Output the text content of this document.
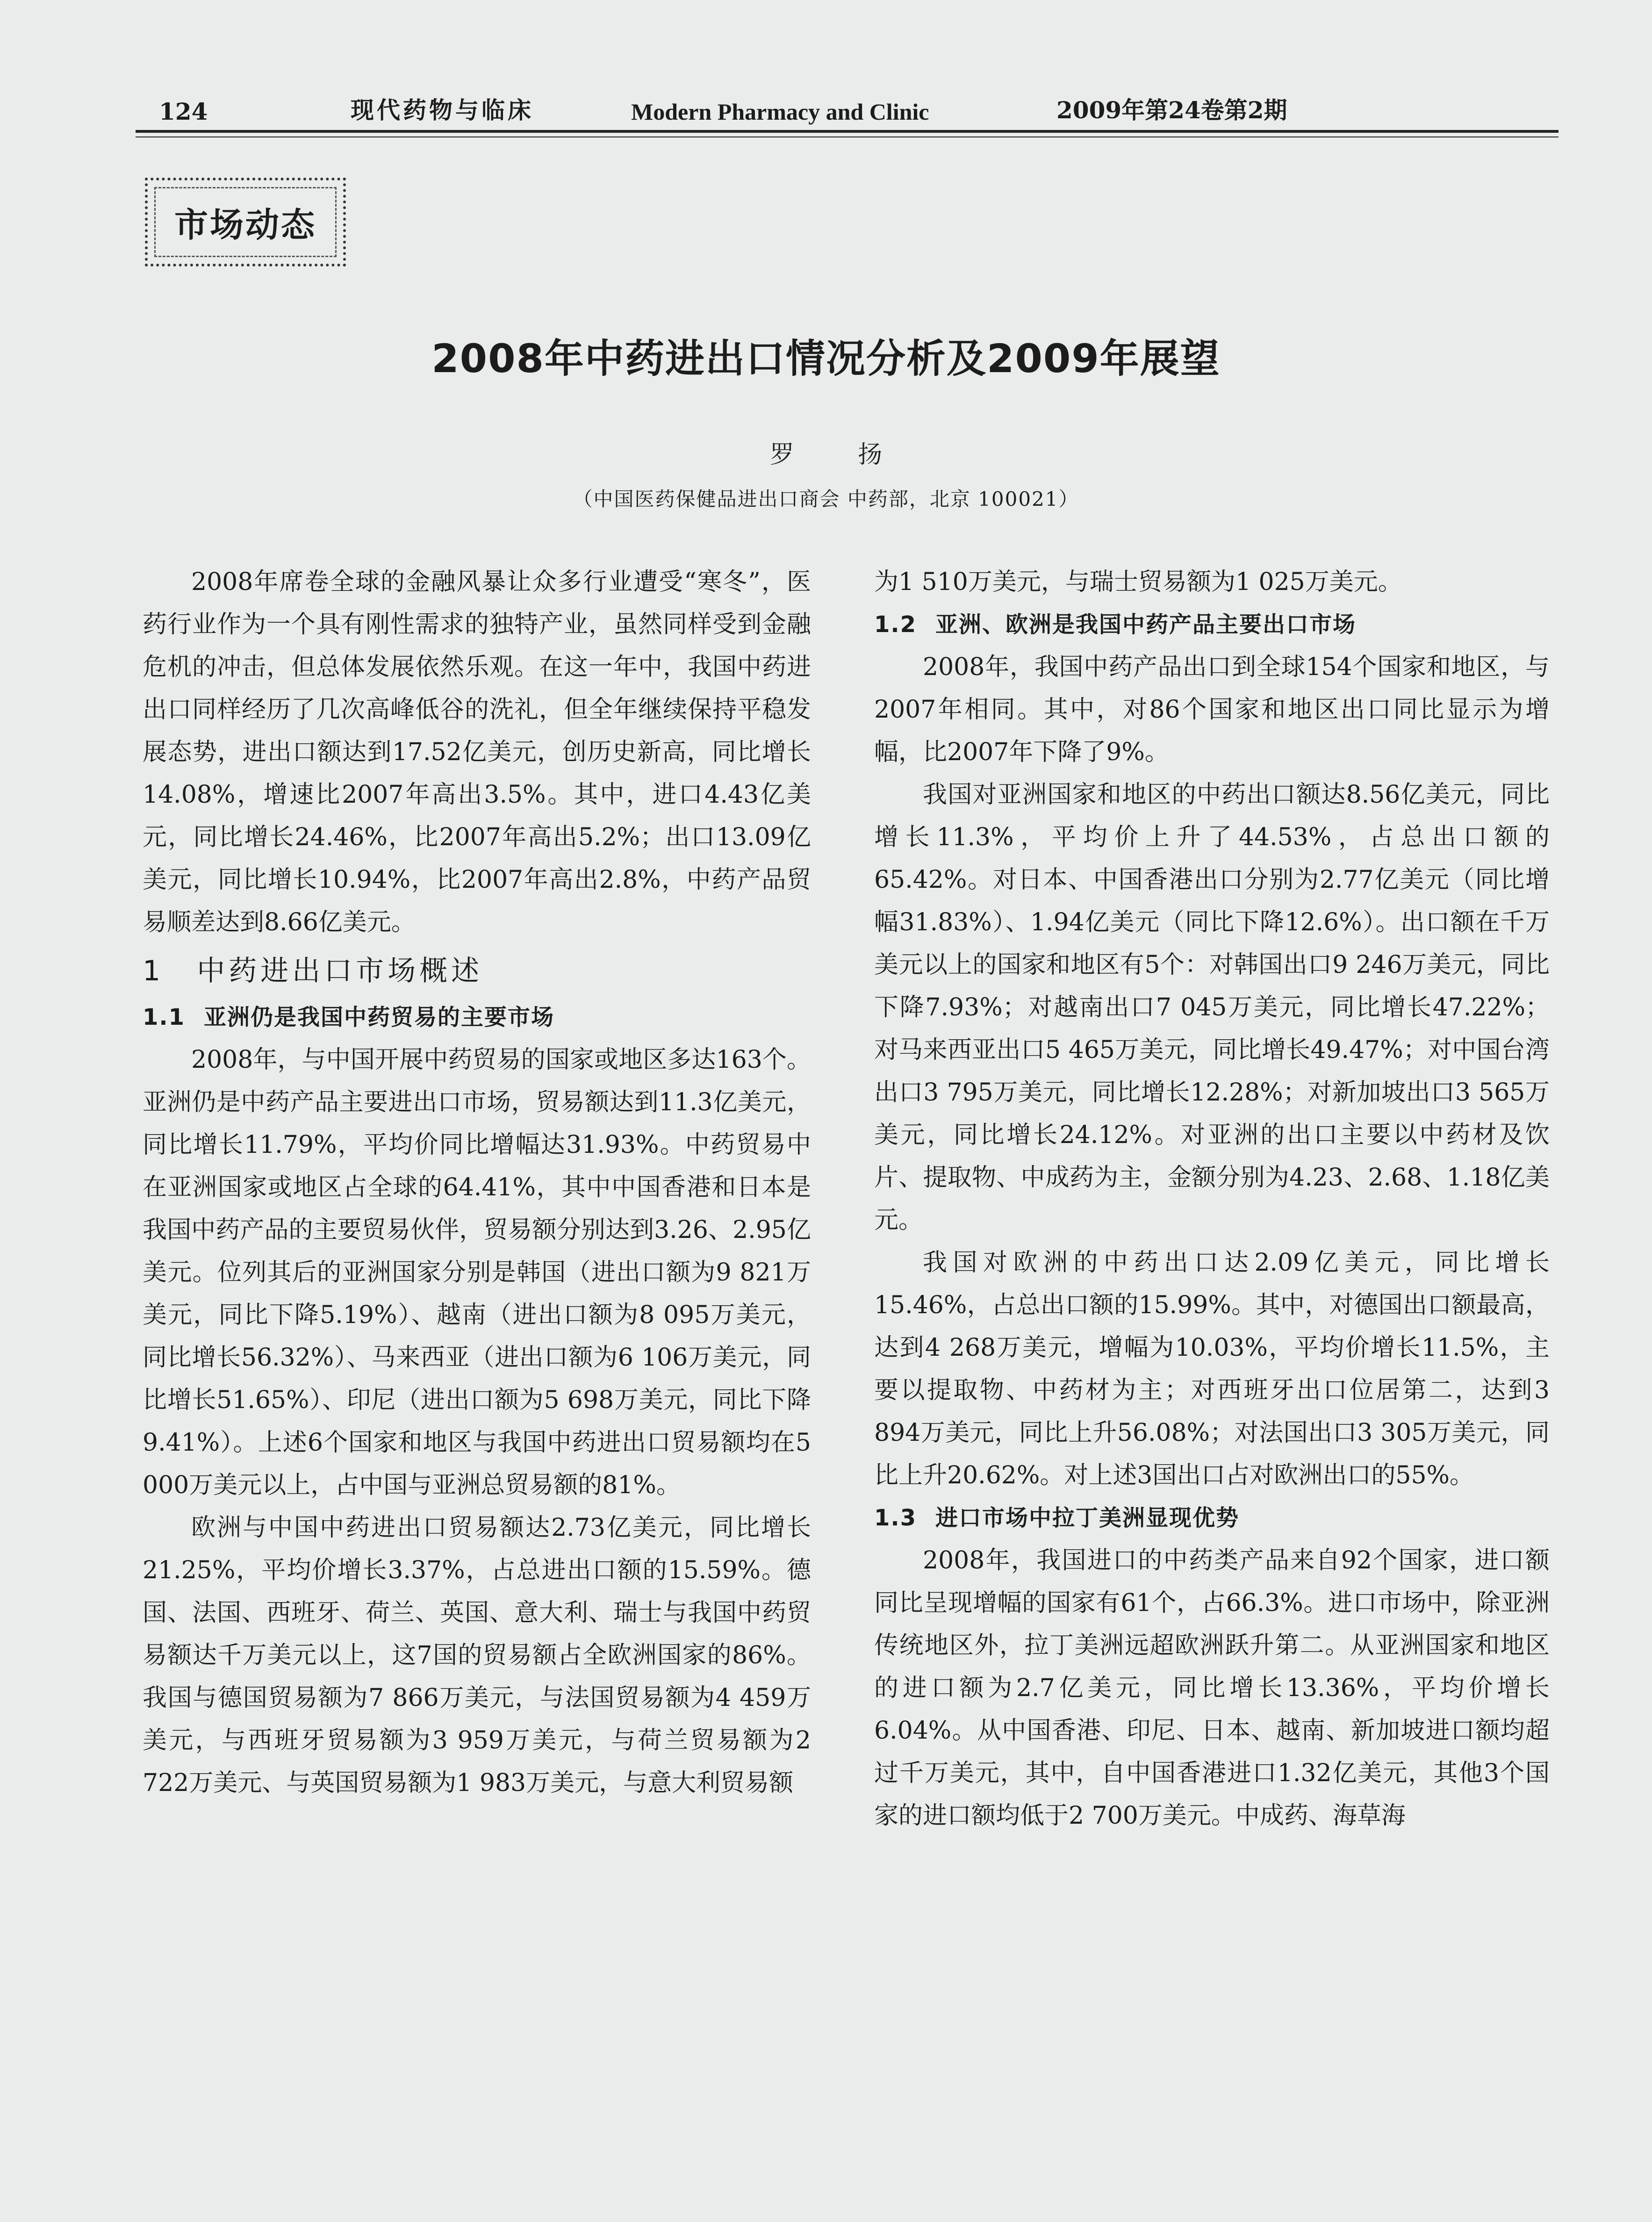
124	现代药物与临床	Modern Pharmacy and Clinic	2009年第24卷第2期
市场动态
2008年中药进出口情况分析及2009年展望
罗 扬
（中国医药保健品进出口商会 中药部，北京 100021）

2008年席卷全球的金融风暴让众多行业遭受“寒冬”，医药行业作为一个具有刚性需求的独特产业，虽然同样受到金融危机的冲击，但总体发展依然乐观。在这一年中，我国中药进出口同样经历了几次高峰低谷的洗礼，但全年继续保持平稳发展态势，进出口额达到17.52亿美元，创历史新高，同比增长14.08%，增速比2007年高出3.5%。其中，进口4.43亿美元，同比增长24.46%，比2007年高出5.2%；出口13.09亿美元，同比增长10.94%，比2007年高出2.8%，中药产品贸易顺差达到8.66亿美元。

1 中药进出口市场概述
1.1 亚洲仍是我国中药贸易的主要市场

2008年，与中国开展中药贸易的国家或地区多达163个。亚洲仍是中药产品主要进出口市场，贸易额达到11.3亿美元，同比增长11.79%，平均价同比增幅达31.93%。中药贸易中在亚洲国家或地区占全球的64.41%，其中中国香港和日本是我国中药产品的主要贸易伙伴，贸易额分别达到3.26、2.95亿美元。位列其后的亚洲国家分别是韩国（进出口额为9 821万美元，同比下降5.19%）、越南（进出口额为8 095万美元，同比增长56.32%）、马来西亚（进出口额为6 106万美元，同比增长51.65%）、印尼（进出口额为5 698万美元，同比下降9.41%）。上述6个国家和地区与我国中药进出口贸易额均在5 000万美元以上，占中国与亚洲总贸易额的81%。

欧洲与中国中药进出口贸易额达2.73亿美元，同比增长21.25%，平均价增长3.37%，占总进出口额的15.59%。德国、法国、西班牙、荷兰、英国、意大利、瑞士与我国中药贸易额达千万美元以上，这7国的贸易额占全欧洲国家的86%。我国与德国贸易额为7 866万美元，与法国贸易额为4 459万美元，与西班牙贸易额为3 959万美元，与荷兰贸易额为2 722万美元、与英国贸易额为1 983万美元，与意大利贸易额

为1 510万美元，与瑞士贸易额为1 025万美元。

1.2 亚洲、欧洲是我国中药产品主要出口市场

2008年，我国中药产品出口到全球154个国家和地区，与2007年相同。其中，对86个国家和地区出口同比显示为增幅，比2007年下降了9%。

我国对亚洲国家和地区的中药出口额达8.56亿美元，同比增长11.3%，平均价上升了44.53%，占总出口额的65.42%。对日本、中国香港出口分别为2.77亿美元（同比增幅31.83%）、1.94亿美元（同比下降12.6%）。出口额在千万美元以上的国家和地区有5个：对韩国出口9 246万美元，同比下降7.93%；对越南出口7 045万美元，同比增长47.22%；对马来西亚出口5 465万美元，同比增长49.47%；对中国台湾出口3 795万美元，同比增长12.28%；对新加坡出口3 565万美元，同比增长24.12%。对亚洲的出口主要以中药材及饮片、提取物、中成药为主，金额分别为4.23、2.68、1.18亿美元。

我国对欧洲的中药出口达2.09亿美元，同比增长15.46%，占总出口额的15.99%。其中，对德国出口额最高，达到4 268万美元，增幅为10.03%，平均价增长11.5%，主要以提取物、中药材为主；对西班牙出口位居第二，达到3 894万美元，同比上升56.08%；对法国出口3 305万美元，同比上升20.62%。对上述3国出口占对欧洲出口的55%。

1.3 进口市场中拉丁美洲显现优势

2008年，我国进口的中药类产品来自92个国家，进口额同比呈现增幅的国家有61个，占66.3%。进口市场中，除亚洲传统地区外，拉丁美洲远超欧洲跃升第二。从亚洲国家和地区的进口额为2.7亿美元，同比增长13.36%，平均价增长6.04%。从中国香港、印尼、日本、越南、新加坡进口额均超过千万美元，其中，自中国香港进口1.32亿美元，其他3个国家的进口额均低于2 700万美元。中成药、海草海
